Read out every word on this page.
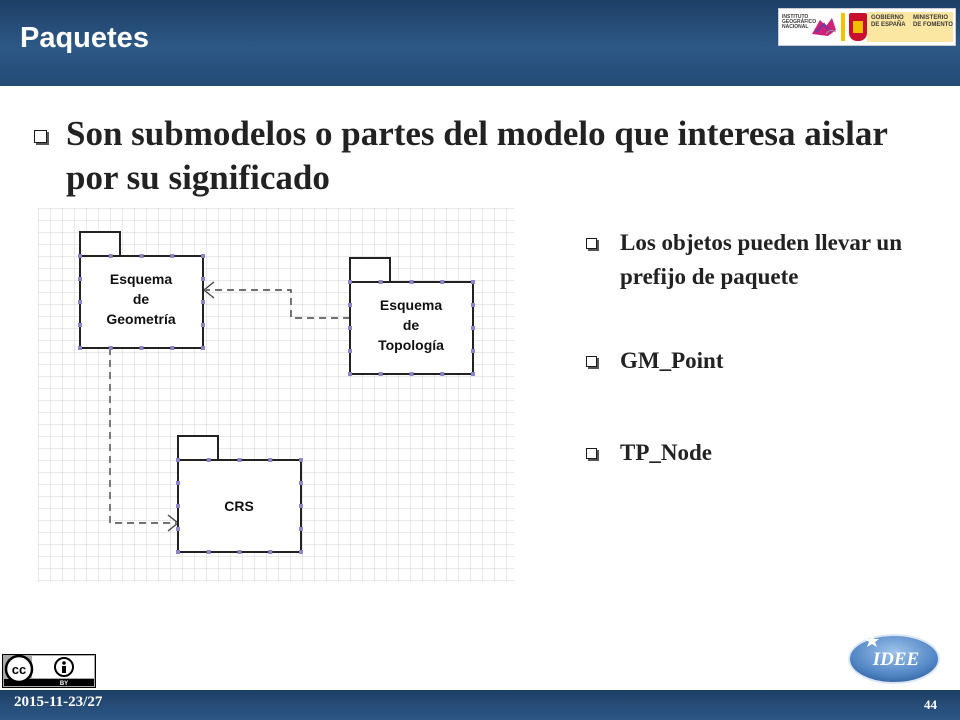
Paquetes
INSTITUTO GEOGRÁFICO NACIONAL
GOBIERNO DE ESPAÑA
MINISTERIO DE FOMENTO
Son submodelos o partes del modelo que interesa aislar por su significado
Esquema
de
Geometría
Esquema
de
Topología
CRS
Los objetos pueden llevar un prefijo de paquete
GM_Point
TP_Node
cc
BY
IDEE
2015-11-23/27	44
